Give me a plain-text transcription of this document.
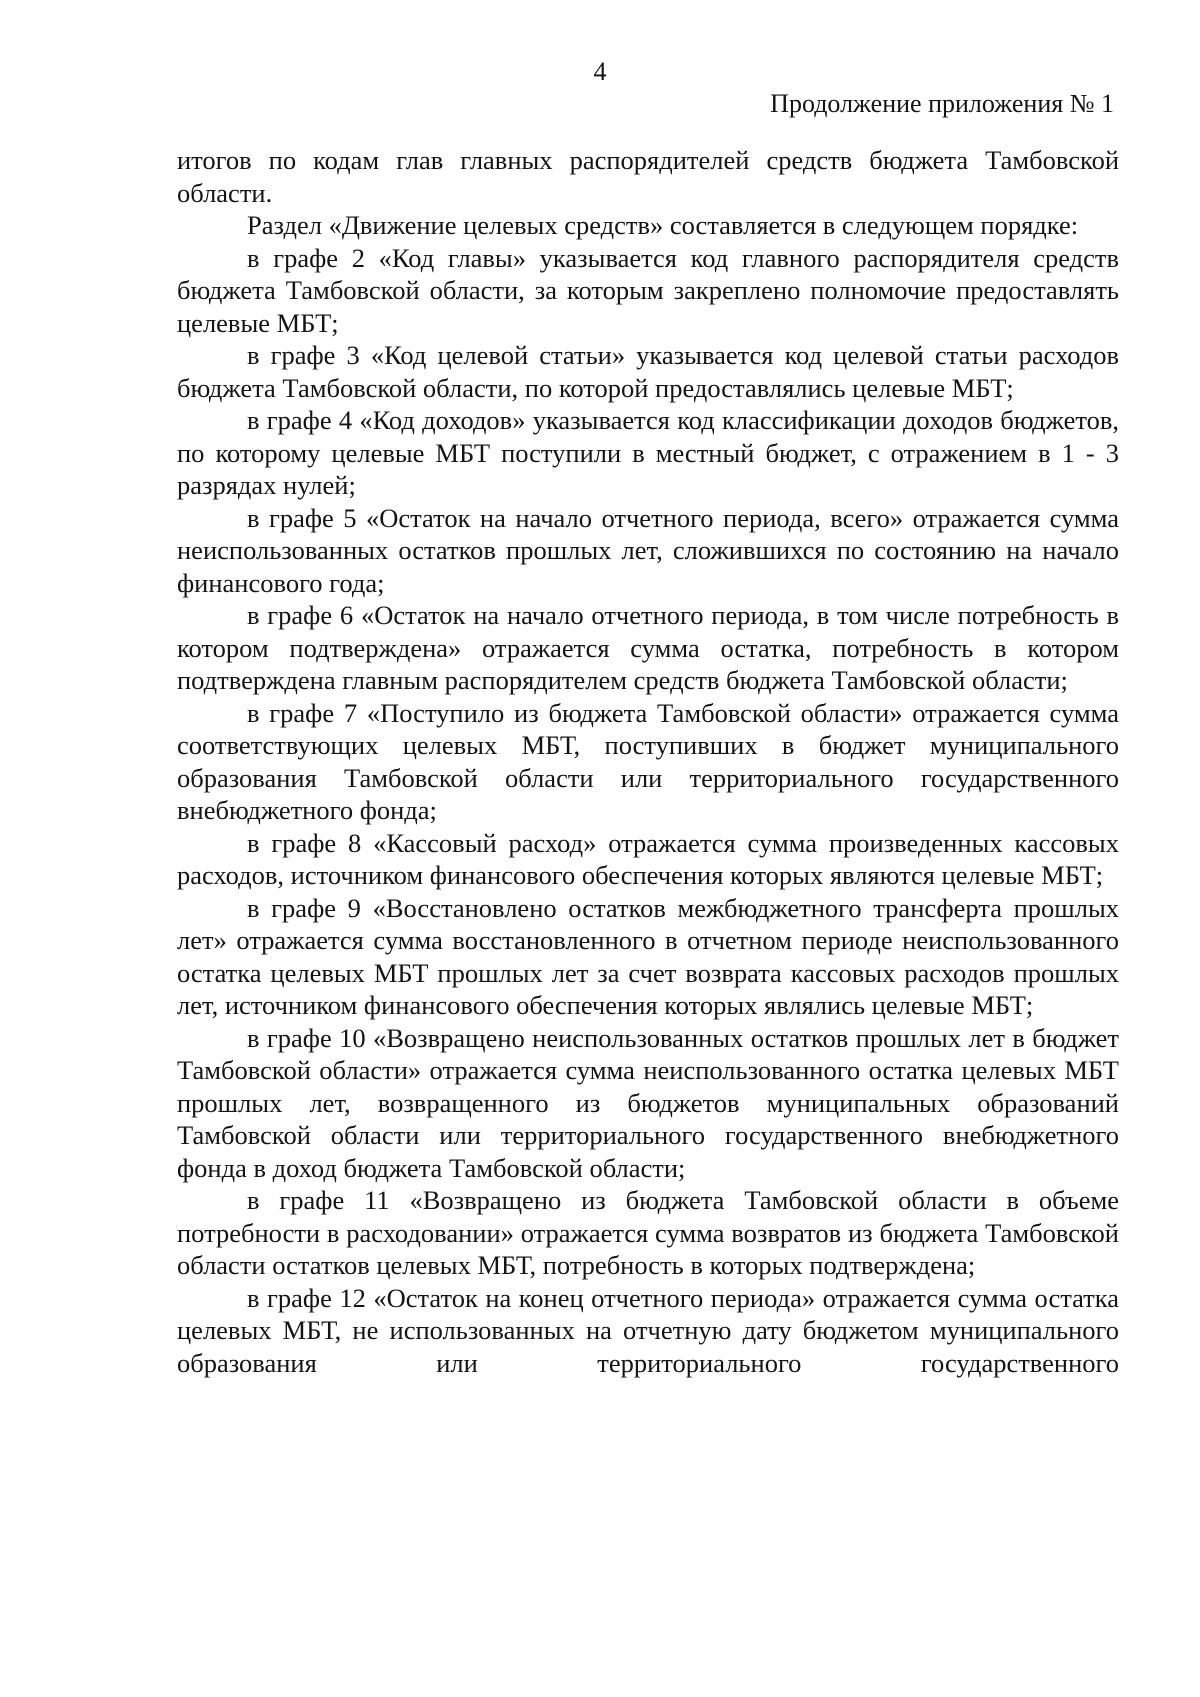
4
Продолжение приложения № 1

итогов по кодам глав главных распорядителей средств бюджета Тамбовской области.

Раздел «Движение целевых средств» составляется в следующем порядке:

в графе 2 «Код главы» указывается код главного распорядителя средств бюджета Тамбовской области, за которым закреплено полномочие предоставлять целевые МБТ;

в графе 3 «Код целевой статьи» указывается код целевой статьи расходов бюджета Тамбовской области, по которой предоставлялись целевые МБТ;

в графе 4 «Код доходов» указывается код классификации доходов бюджетов, по которому целевые МБТ поступили в местный бюджет, с отражением в 1 - 3 разрядах нулей;

в графе 5 «Остаток на начало отчетного периода, всего» отражается сумма неиспользованных остатков прошлых лет, сложившихся по состоянию на начало финансового года;

в графе 6 «Остаток на начало отчетного периода, в том числе потребность в котором подтверждена» отражается сумма остатка, потребность в котором подтверждена главным распорядителем средств бюджета Тамбовской области;

в графе 7 «Поступило из бюджета Тамбовской области» отражается сумма соответствующих целевых МБТ, поступивших в бюджет муниципального образования Тамбовской области или территориального государственного внебюджетного фонда;

в графе 8 «Кассовый расход» отражается сумма произведенных кассовых расходов, источником финансового обеспечения которых являются целевые МБТ;

в графе 9 «Восстановлено остатков межбюджетного трансферта прошлых лет» отражается сумма восстановленного в отчетном периоде неиспользованного остатка целевых МБТ прошлых лет за счет возврата кассовых расходов прошлых лет, источником финансового обеспечения которых являлись целевые МБТ;

в графе 10 «Возвращено неиспользованных остатков прошлых лет в бюджет Тамбовской области» отражается сумма неиспользованного остатка целевых МБТ прошлых лет, возвращенного из бюджетов муниципальных образований Тамбовской области или территориального государственного внебюджетного фонда в доход бюджета Тамбовской области;

в графе 11 «Возвращено из бюджета Тамбовской области в объеме потребности в расходовании» отражается сумма возвратов из бюджета Тамбовской области остатков целевых МБТ, потребность в которых подтверждена;

в графе 12 «Остаток на конец отчетного периода» отражается сумма остатка целевых МБТ, не использованных на отчетную дату бюджетом муниципального образования или территориального государственного
